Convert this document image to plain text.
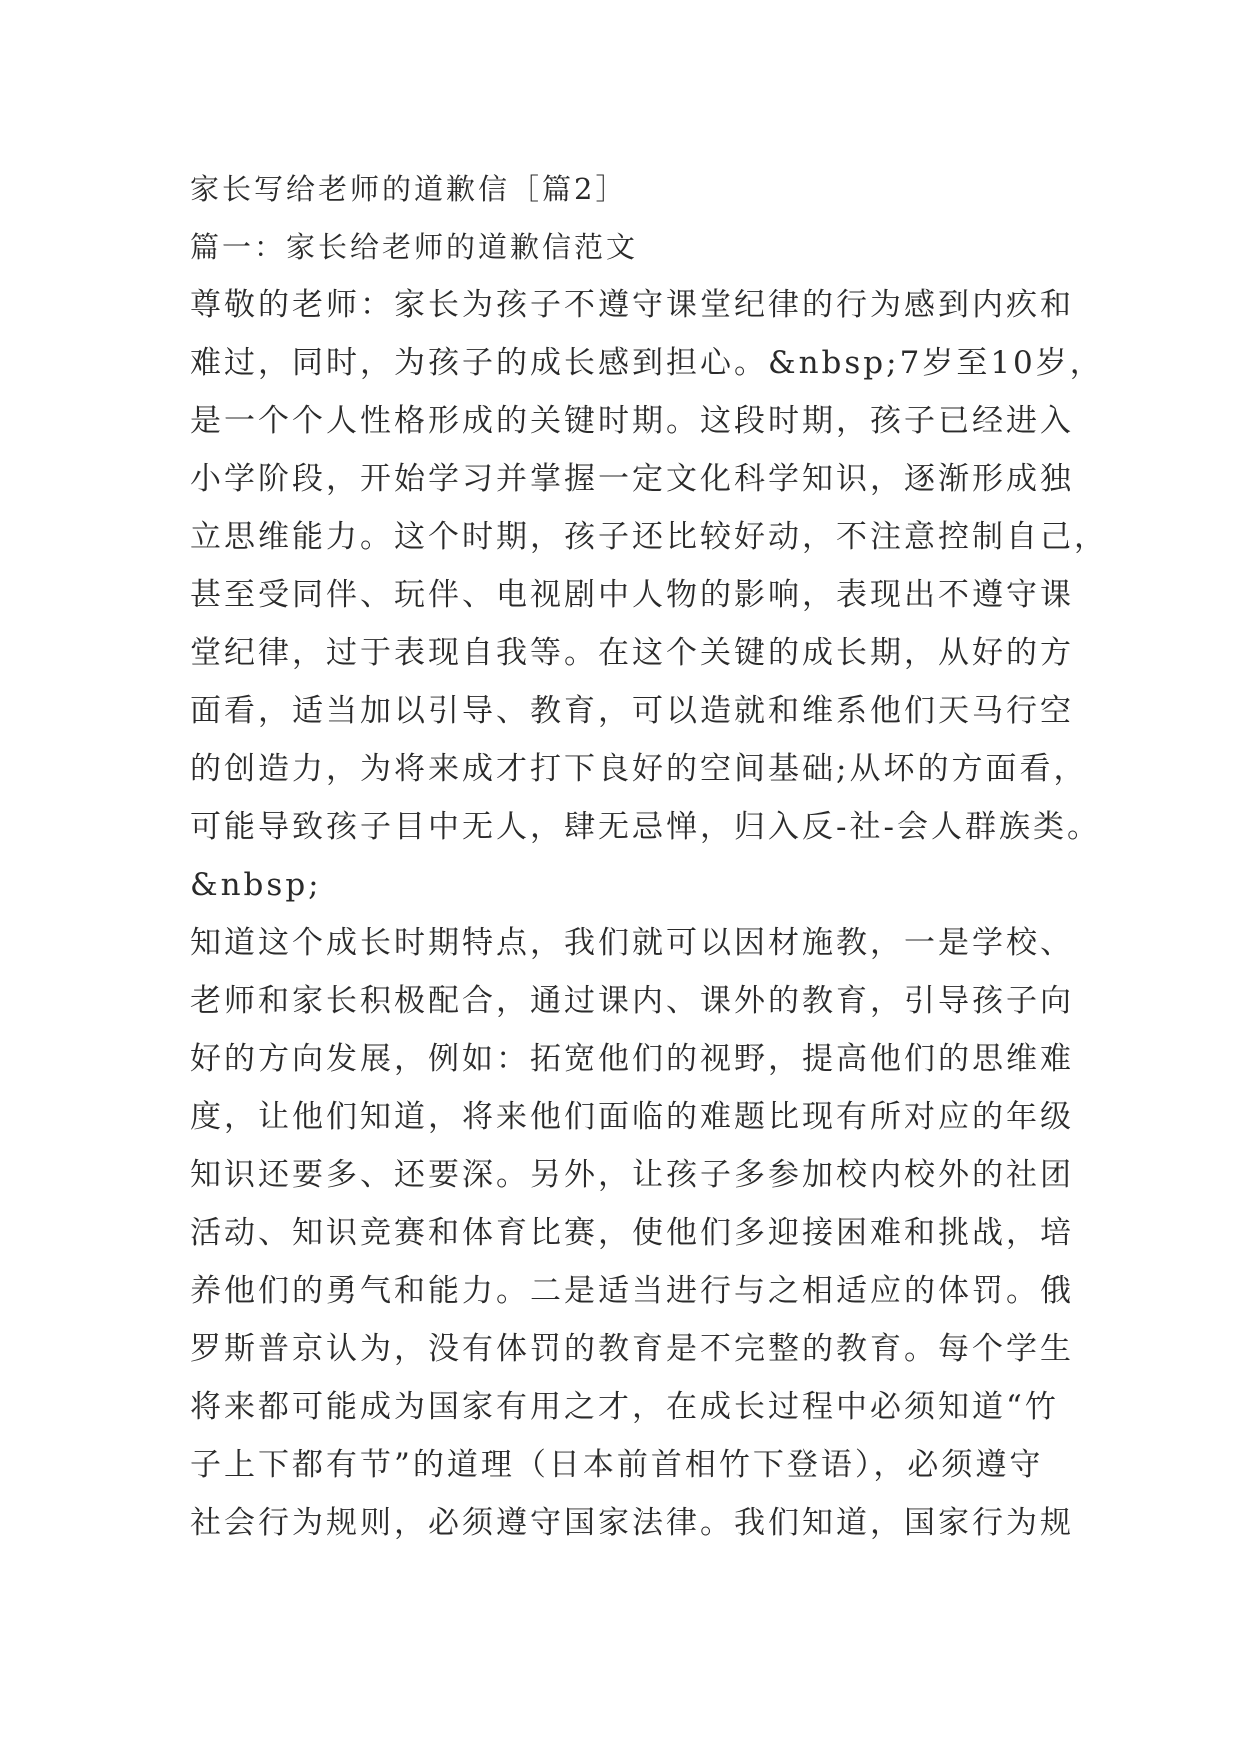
家长写给老师的道歉信［篇2］
篇一：家长给老师的道歉信范文
尊敬的老师：家长为孩子不遵守课堂纪律的行为感到内疚和
难过，同时，为孩子的成长感到担心。&nbsp;7岁至10岁，
是一个个人性格形成的关键时期。这段时期，孩子已经进入
小学阶段，开始学习并掌握一定文化科学知识，逐渐形成独
立思维能力。这个时期，孩子还比较好动，不注意控制自己，
甚至受同伴、玩伴、电视剧中人物的影响，表现出不遵守课
堂纪律，过于表现自我等。在这个关键的成长期，从好的方
面看，适当加以引导、教育，可以造就和维系他们天马行空
的创造力，为将来成才打下良好的空间基础;从坏的方面看，
可能导致孩子目中无人，肆无忌惮，归入反-社-会人群族类。
&nbsp;
知道这个成长时期特点，我们就可以因材施教，一是学校、
老师和家长积极配合，通过课内、课外的教育，引导孩子向
好的方向发展，例如：拓宽他们的视野，提高他们的思维难
度，让他们知道，将来他们面临的难题比现有所对应的年级
知识还要多、还要深。另外，让孩子多参加校内校外的社团
活动、知识竞赛和体育比赛，使他们多迎接困难和挑战，培
养他们的勇气和能力。二是适当进行与之相适应的体罚。俄
罗斯普京认为，没有体罚的教育是不完整的教育。每个学生
将来都可能成为国家有用之才，在成长过程中必须知道“竹
子上下都有节”的道理（日本前首相竹下登语），必须遵守
社会行为规则，必须遵守国家法律。我们知道，国家行为规
